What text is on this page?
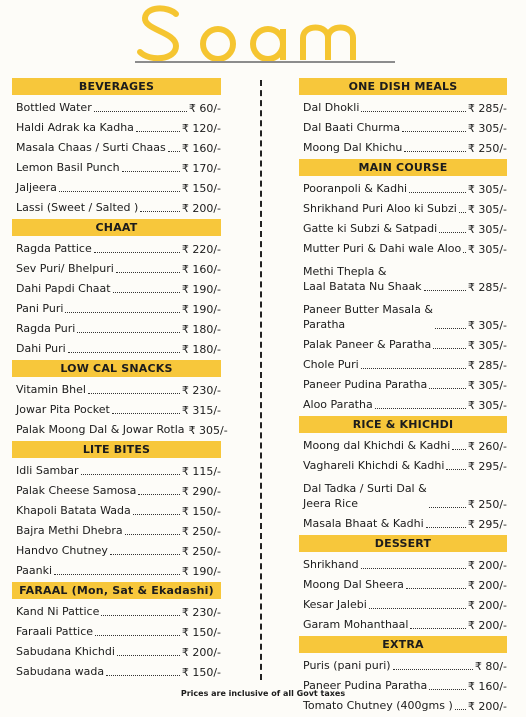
BEVERAGES
Bottled Water	₹ 60/-
Haldi Adrak ka Kadha	₹ 120/-
Masala Chaas / Surti Chaas ₹ 160/-
Lemon Basil Punch	₹ 170/-
Jaljeera	₹ 150/-
Lassi (Sweet / Salted )	₹ 200/-
CHAAT
Ragda Pattice	₹ 220/-
Sev Puri/ Bhelpuri	₹ 160/-
Dahi Papdi Chaat	₹ 190/-
Pani Puri	₹ 190/-
Ragda Puri	₹ 180/-
Dahi Puri	₹ 180/-
LOW CAL SNACKS
Vitamin Bhel	₹ 230/-
Jowar Pita Pocket	₹ 315/-
Palak Moong Dal & Jowar Rotla ₹ 305/-
LITE BITES
Idli Sambar	₹ 115/-
Palak Cheese Samosa	₹ 290/-
Khapoli Batata Wada	₹ 150/-
Bajra Methi Dhebra	₹ 250/-
Handvo Chutney	₹ 250/-
Paanki	₹ 190/-
FARAAL (Mon, Sat & Ekadashi)
Kand Ni Pattice	₹ 230/-
Faraali Pattice	₹ 150/-
Sabudana Khichdi	₹ 200/-
Sabudana wada	₹ 150/-
ONE DISH MEALS
Dal Dhokli	₹ 285/-
Dal Baati Churma	₹ 305/-
Moong Dal Khichu	₹ 250/-
MAIN COURSE
Pooranpoli & Kadhi	₹ 305/-
Shrikhand Puri Aloo ki Subzi ₹ 305/-
Gatte ki Subzi & Satpadi	₹ 305/-
Mutter Puri & Dahi wale Aloo ₹ 305/-
Methi Thepla &
Laal Batata Nu Shaak	₹ 285/-
Paneer Butter Masala &
Paratha	₹ 305/-
Palak Paneer & Paratha	₹ 305/-
Chole Puri	₹ 285/-
Paneer Pudina Paratha	₹ 305/-
Aloo Paratha	₹ 305/-
RICE & KHICHDI
Moong dal Khichdi & Kadhi ₹ 260/-
Vaghareli Khichdi & Kadhi ₹ 295/-
Dal Tadka / Surti Dal &
Jeera Rice	₹ 250/-
Masala Bhaat & Kadhi	₹ 295/-
DESSERT
Shrikhand	₹ 200/-
Moong Dal Sheera	₹ 200/-
Kesar Jalebi	₹ 200/-
Garam Mohanthaal	₹ 200/-
EXTRA
Puris (pani puri)	₹ 80/-
Paneer Pudina Paratha	₹ 160/-
Tomato Chutney (400gms ) ₹ 200/-
Prices are inclusive of all Govt taxes
